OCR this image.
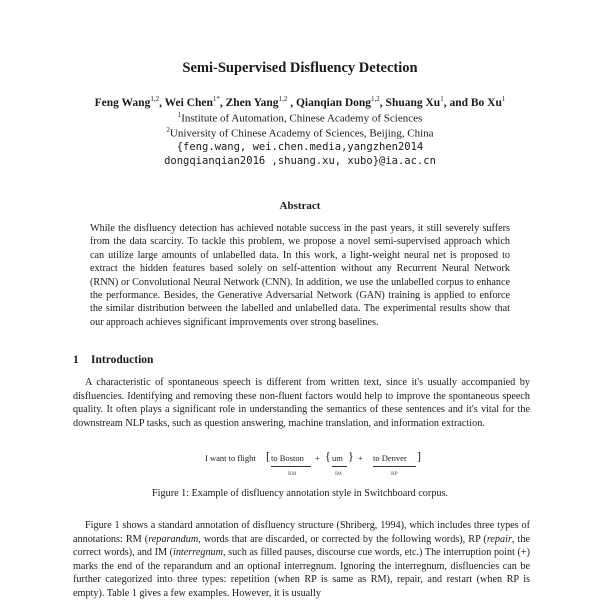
Semi-Supervised Disfluency Detection
Feng Wang$^{1,2}$, Wei Chen$^{1*}$, Zhen Yang$^{1,2}$ , Qianqian Dong$^{1,2}$, Shuang Xu$^1$, and Bo Xu$^1$
$^1$Institute of Automation, Chinese Academy of Sciences
$^2$University of Chinese Academy of Sciences, Beijing, China
{feng.wang, wei.chen.media,yangzhen2014
dongqianqian2016 ,shuang.xu, xubo}@ia.ac.cn
Abstract
While the disfluency detection has achieved notable success in the past years, it still severely suffers from the data scarcity. To tackle this problem, we propose a novel semi-supervised approach which can utilize large amounts of unlabelled data. In this work, a light-weight neural net is proposed to extract the hidden features based solely on self-attention without any Recurrent Neural Network (RNN) or Convolutional Neural Network (CNN). In addition, we use the unlabelled corpus to enhance the performance. Besides, the Generative Adversarial Network (GAN) training is applied to enforce the similar distribution between the labelled and unlabelled data. The experimental results show that our approach achieves significant improvements over strong baselines.
1 Introduction
A characteristic of spontaneous speech is different from written text, since it's usually accompanied by disfluencies. Identifying and removing these non-fluent factors would help to improve the spontaneous speech quality. It often plays a significant role in understanding the semantics of these sentences and it's vital for the downstream NLP tasks, such as question answering, machine translation, and information extraction.
I want to flight [ to Boston
RM
+ { um
IM
} + to Denver
RP
]
Figure 1: Example of disfluency annotation style in Switchboard corpus.
Figure 1 shows a standard annotation of disfluency structure (Shriberg, 1994), which includes three types of annotations: RM (reparandum, words that are discarded, or corrected by the following words), RP (repair, the correct words), and IM (interregnum, such as filled pauses, discourse cue words, etc.) The interruption point (+) marks the end of the reparandum and an optional interregnum. Ignoring the interregnum, disfluencies can be further categorized into three types: repetition (when RP is same as RM), repair, and restart (when RP is empty). Table 1 gives a few examples. However, it is usually
